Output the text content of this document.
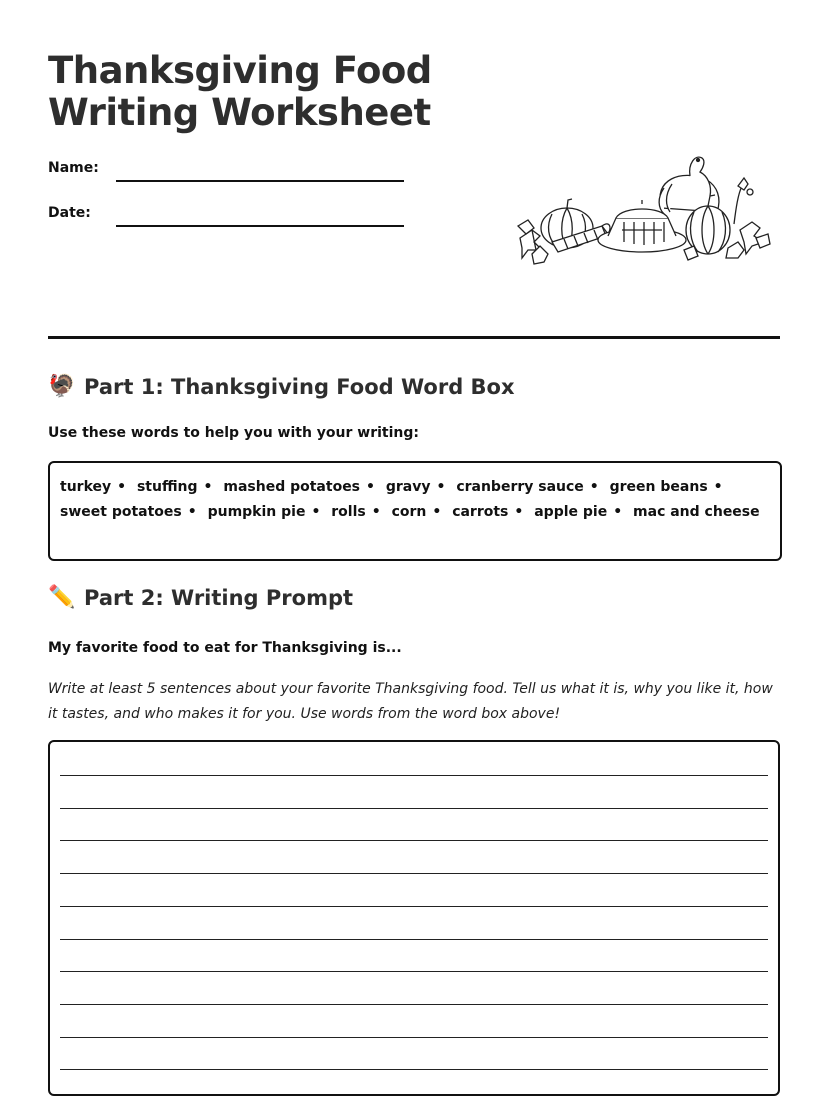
Thanksgiving Food Writing Worksheet
Name:
Date:
🦃 Part 1: Thanksgiving Food Word Box
Use these words to help you with your writing:
turkey • stuffing • mashed potatoes • gravy • cranberry sauce • green beans • sweet potatoes • pumpkin pie • rolls • corn • carrots • apple pie • mac and cheese
✏️ Part 2: Writing Prompt
My favorite food to eat for Thanksgiving is...
Write at least 5 sentences about your favorite Thanksgiving food. Tell us what it is, why you like it, how it tastes, and who makes it for you. Use words from the word box above!
